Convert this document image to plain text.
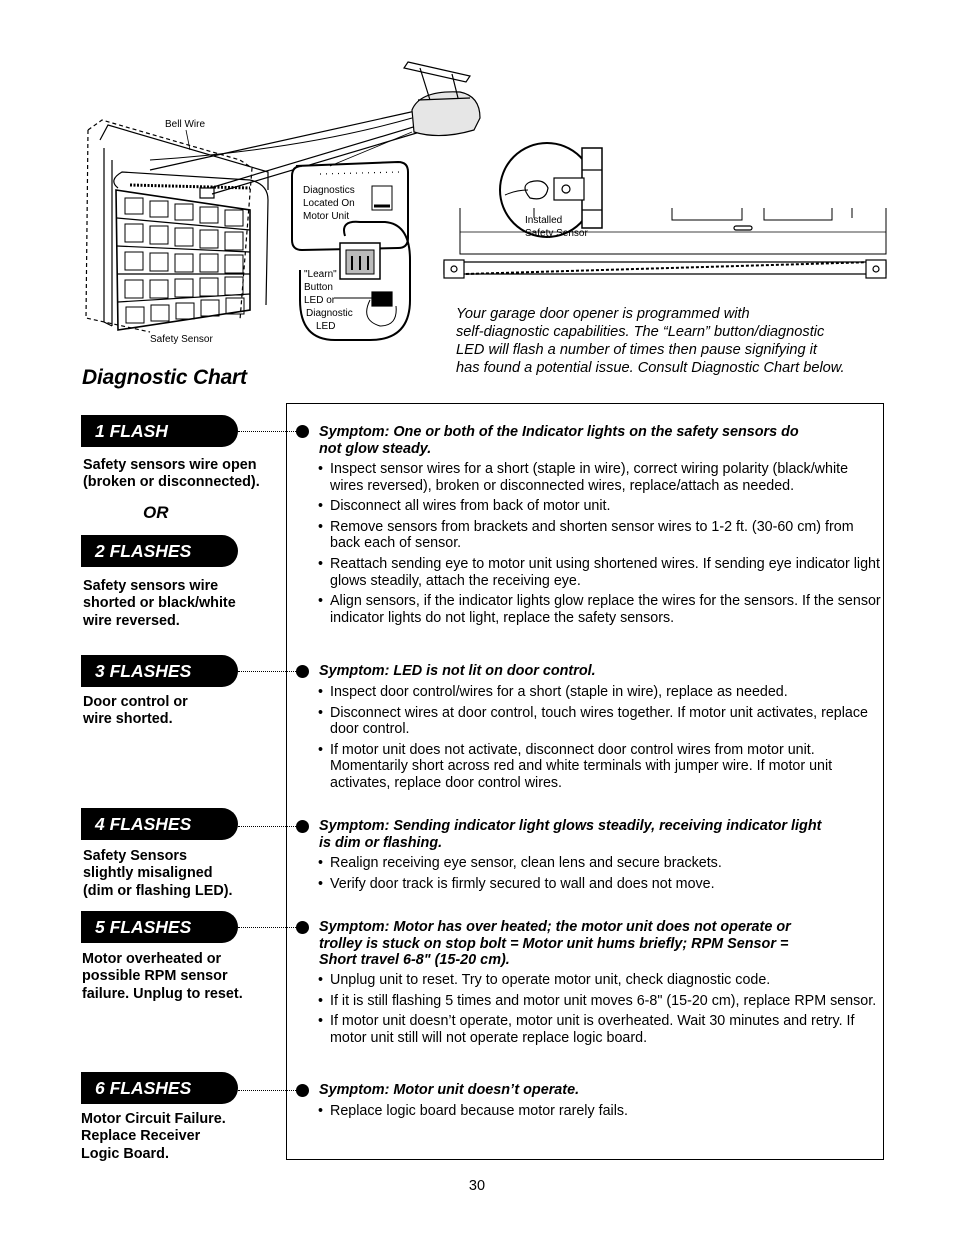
Bell Wire
Safety Sensor
Diagnostics
Located On
Motor Unit
"Learn"
Button
LED or
Diagnostic
LED
Installed
Safety Sensor
Your garage door opener is programmed with
self-diagnostic capabilities. The “Learn” button/diagnostic
LED will flash a number of times then pause signifying it
has found a potential issue. Consult Diagnostic Chart below.
Diagnostic Chart
1 FLASH
Safety sensors wire open
(broken or disconnected).
OR
2 FLASHES
Safety sensors wire
shorted or black/white
wire reversed.
3 FLASHES
Door control or
wire shorted.
4 FLASHES
Safety Sensors
slightly misaligned
(dim or flashing LED).
5 FLASHES
Motor overheated or
possible RPM sensor
failure. Unplug to reset.
6 FLASHES
Motor Circuit Failure.
Replace Receiver
Logic Board.
Symptom: One or both of the Indicator lights on the safety sensors do
not glow steady.
• Inspect sensor wires for a short (staple in wire), correct wiring polarity (black/white wires reversed), broken or disconnected wires, replace/attach as needed.
• Disconnect all wires from back of motor unit.
• Remove sensors from brackets and shorten sensor wires to 1-2 ft. (30-60 cm) from back each of sensor.
• Reattach sending eye to motor unit using shortened wires. If sending eye indicator light glows steadily, attach the receiving eye.
• Align sensors, if the indicator lights glow replace the wires for the sensors. If the sensor indicator lights do not light, replace the safety sensors.
Symptom: LED is not lit on door control.
• Inspect door control/wires for a short (staple in wire), replace as needed.
• Disconnect wires at door control, touch wires together. If motor unit activates, replace door control.
• If motor unit does not activate, disconnect door control wires from motor unit. Momentarily short across red and white terminals with jumper wire. If motor unit activates, replace door control wires.
Symptom: Sending indicator light glows steadily, receiving indicator light
is dim or flashing.
• Realign receiving eye sensor, clean lens and secure brackets.
• Verify door track is firmly secured to wall and does not move.
Symptom: Motor has over heated; the motor unit does not operate or
trolley is stuck on stop bolt = Motor unit hums briefly; RPM Sensor =
Short travel 6-8" (15-20 cm).
• Unplug unit to reset. Try to operate motor unit, check diagnostic code.
• If it is still flashing 5 times and motor unit moves 6-8" (15-20 cm), replace RPM sensor.
• If motor unit doesn’t operate, motor unit is overheated. Wait 30 minutes and retry. If motor unit still will not operate replace logic board.
Symptom: Motor unit doesn’t operate.
• Replace logic board because motor rarely fails.
30
